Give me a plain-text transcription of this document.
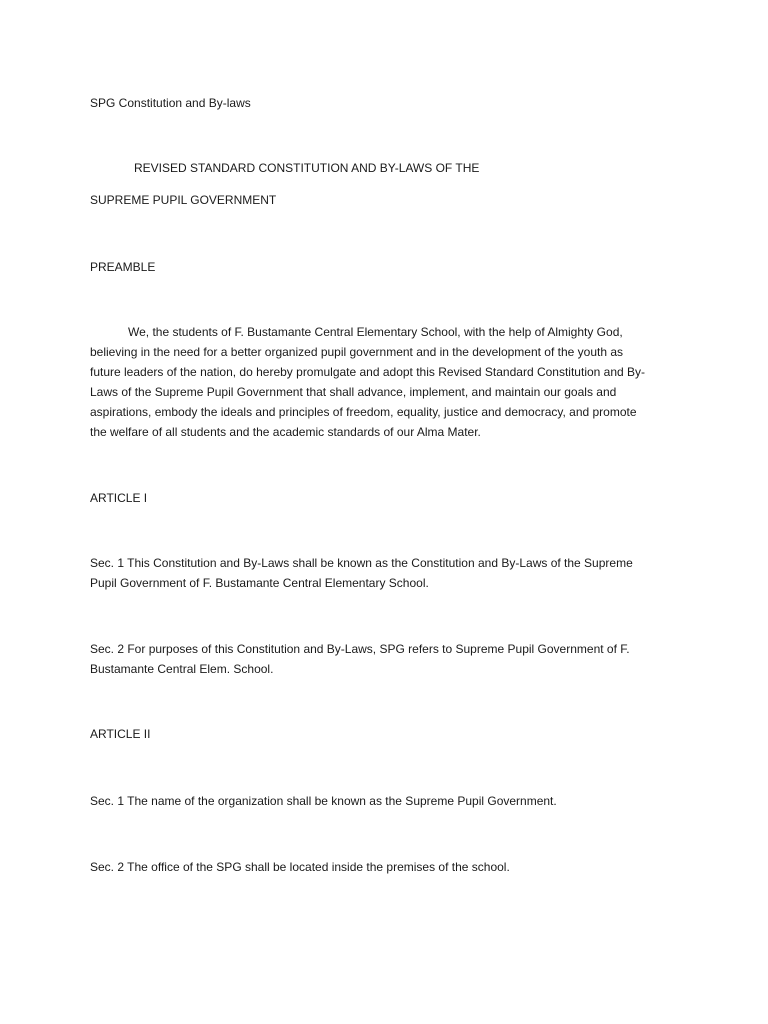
SPG Constitution and By-laws
REVISED STANDARD CONSTITUTION AND BY-LAWS OF THE
SUPREME PUPIL GOVERNMENT
PREAMBLE
We, the students of F. Bustamante Central Elementary School, with the help of Almighty God,
believing in the need for a better organized pupil government and in the development of the youth as
future leaders of the nation, do hereby promulgate and adopt this Revised Standard Constitution and By-
Laws of the Supreme Pupil Government that shall advance, implement, and maintain our goals and
aspirations, embody the ideals and principles of freedom, equality, justice and democracy, and promote
the welfare of all students and the academic standards of our Alma Mater.
ARTICLE I
Sec. 1 This Constitution and By-Laws shall be known as the Constitution and By-Laws of the Supreme
Pupil Government of F. Bustamante Central Elementary School.
Sec. 2 For purposes of this Constitution and By-Laws, SPG refers to Supreme Pupil Government of F.
Bustamante Central Elem. School.
ARTICLE II
Sec. 1 The name of the organization shall be known as the Supreme Pupil Government.
Sec. 2 The office of the SPG shall be located inside the premises of the school.
